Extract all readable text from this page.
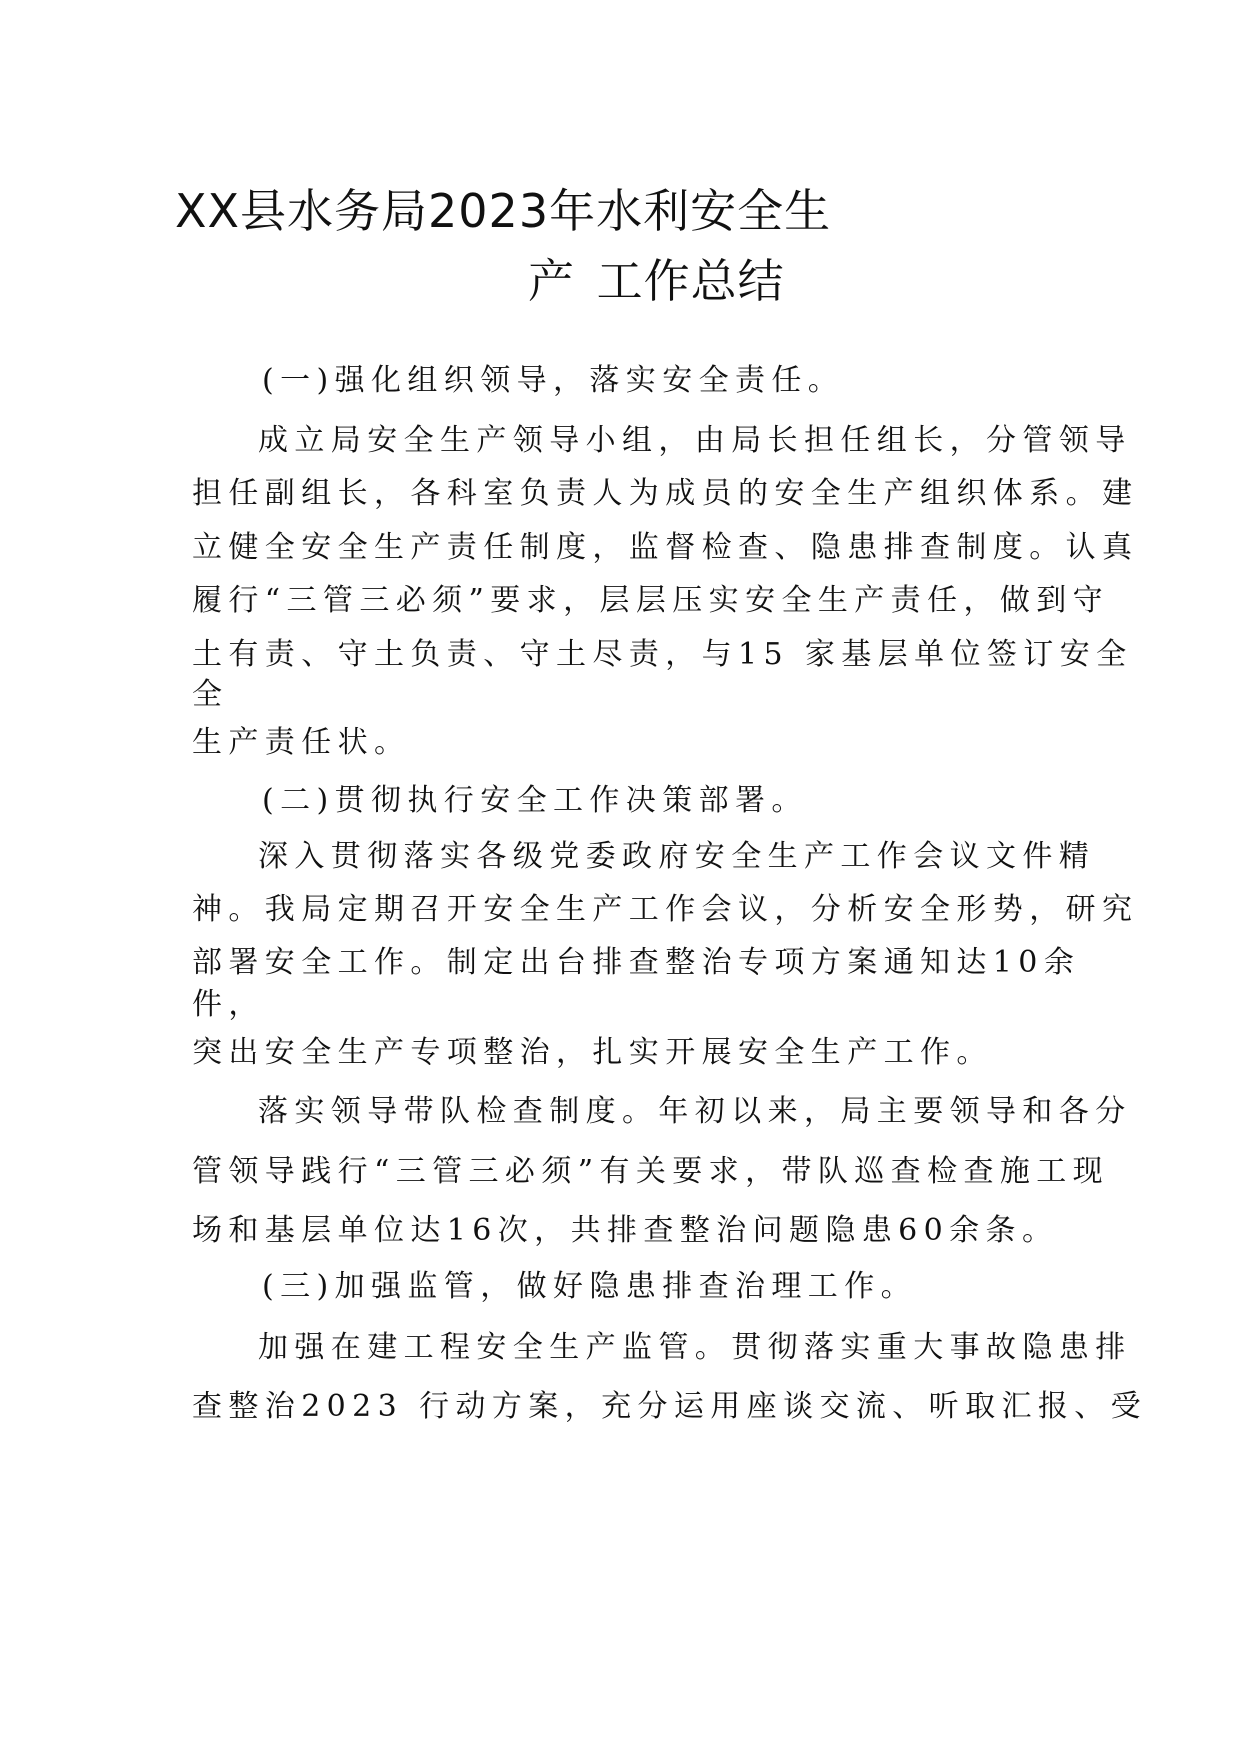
XX县水务局2023年水利安全生
产 工作总结
(一)强化组织领导，落实安全责任。
成立局安全生产领导小组，由局长担任组长，分管领导
担任副组长，各科室负责人为成员的安全生产组织体系。建
立健全安全生产责任制度，监督检查、隐患排查制度。认真
履行“三管三必须”要求，层层压实安全生产责任，做到守
土有责、守土负责、守土尽责，与15 家基层单位签订安全
全
生产责任状。
(二)贯彻执行安全工作决策部署。
深入贯彻落实各级党委政府安全生产工作会议文件精
神。我局定期召开安全生产工作会议，分析安全形势，研究
部署安全工作。制定出台排查整治专项方案通知达10余
件，
突出安全生产专项整治，扎实开展安全生产工作。
落实领导带队检查制度。年初以来，局主要领导和各分
管领导践行“三管三必须”有关要求，带队巡查检查施工现
场和基层单位达16次，共排查整治问题隐患60余条。
(三)加强监管，做好隐患排查治理工作。
加强在建工程安全生产监管。贯彻落实重大事故隐患排
查整治2023 行动方案，充分运用座谈交流、听取汇报、受
